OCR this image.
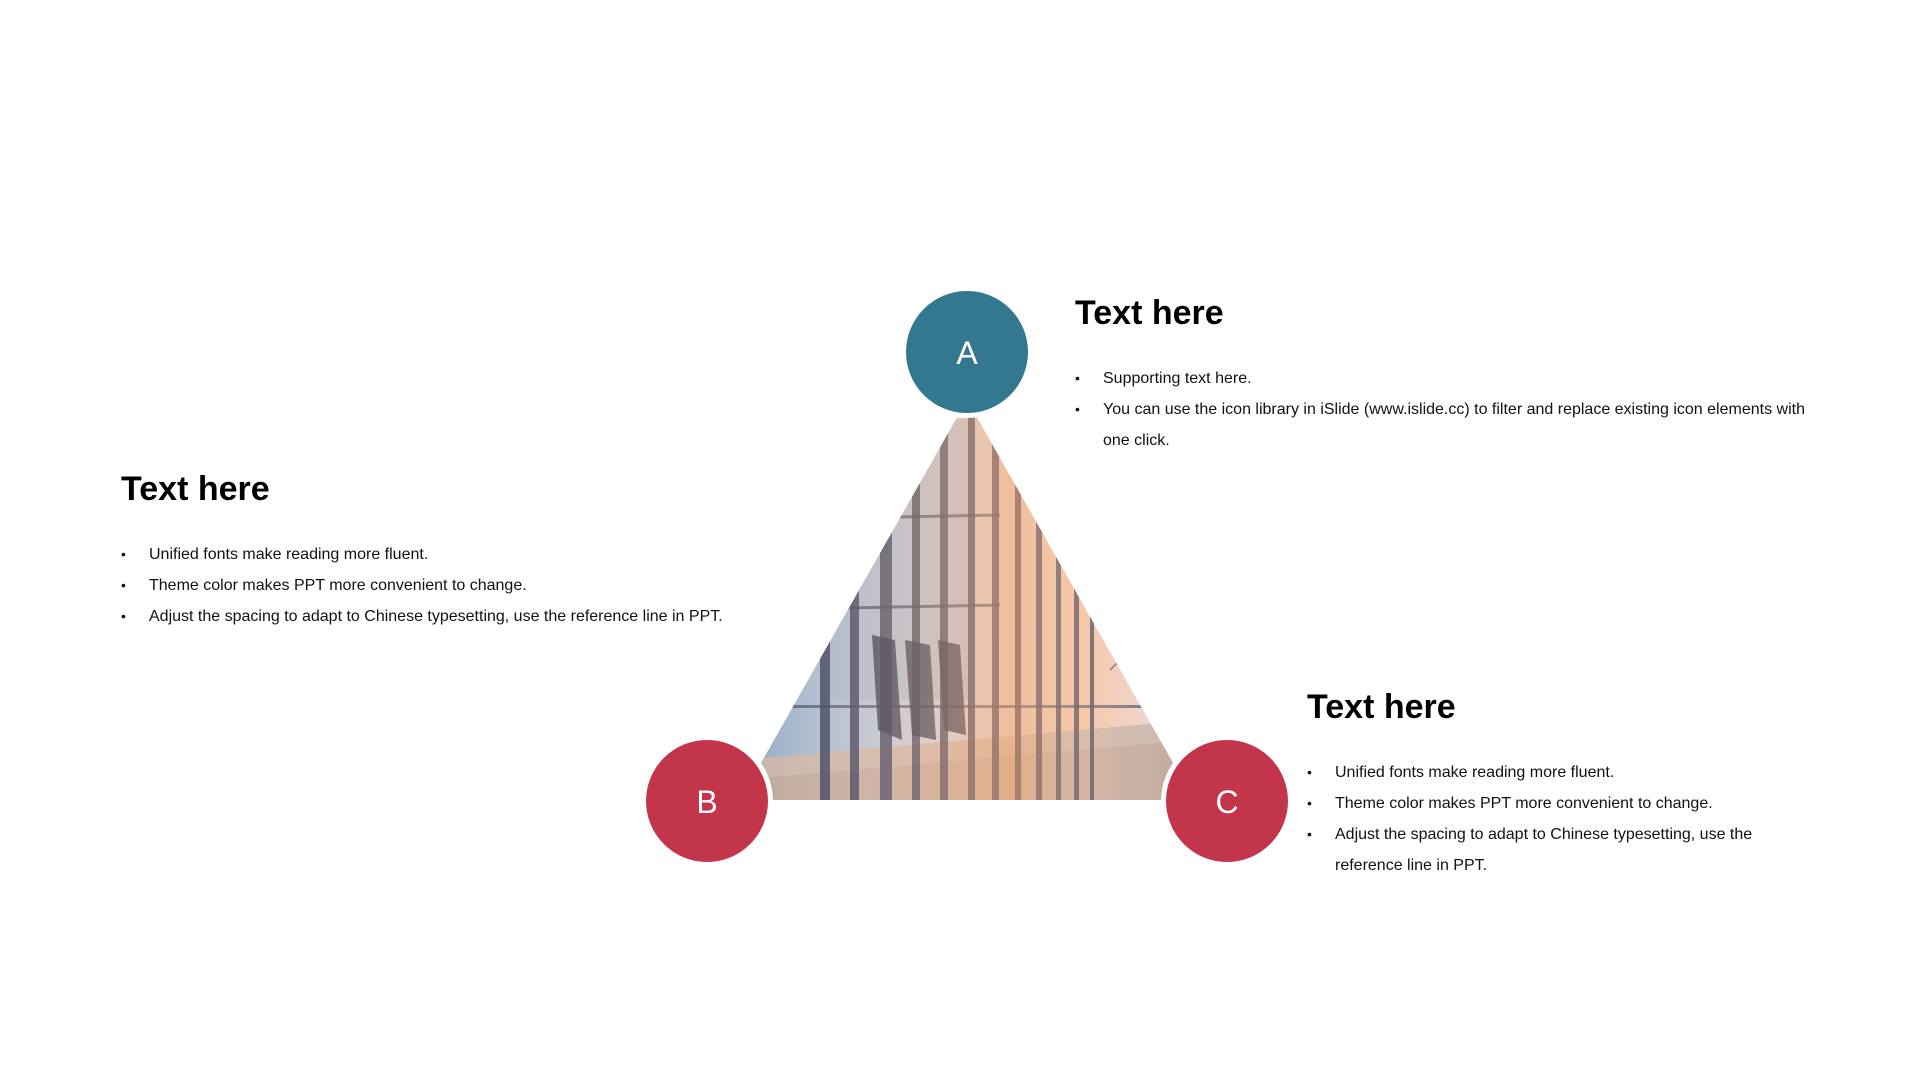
A
B	C
Text here
• Supporting text here.
• You can use the icon library in iSlide (www.islide.cc) to filter and replace existing icon elements with one click.
Text here
• Unified fonts make reading more fluent.
• Theme color makes PPT more convenient to change.
• Adjust the spacing to adapt to Chinese typesetting, use the reference line in PPT.
Text here
• Unified fonts make reading more fluent.
• Theme color makes PPT more convenient to change.
• Adjust the spacing to adapt to Chinese typesetting, use the reference line in PPT.
